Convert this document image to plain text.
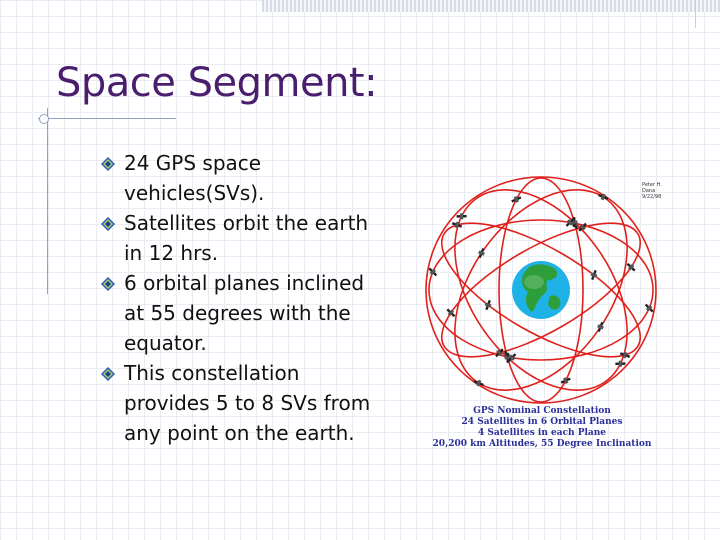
Space Segment:
24 GPS space vehicles(SVs).
Satellites orbit the earth in 12 hrs.
6 orbital planes inclined at 55 degrees with the equator.
This constellation provides 5 to 8 SVs from any point on the earth.

Peter H. Dana 9/22/98

GPS Nominal Constellation
24 Satellites in 6 Orbital Planes
4 Satellites in each Plane
20,200 km Altitudes, 55 Degree Inclination
